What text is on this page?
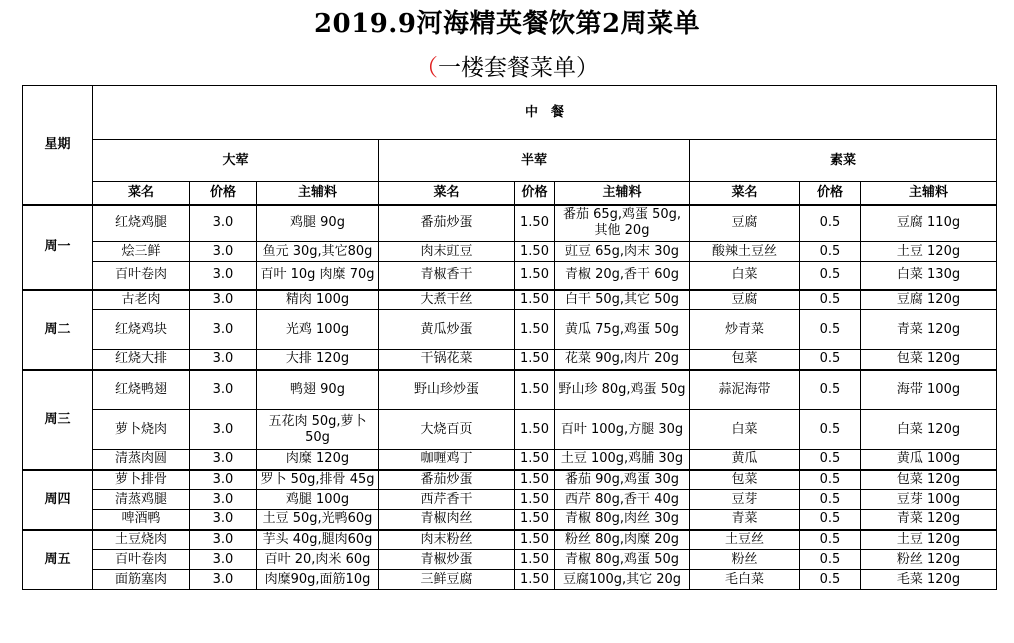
2019.9河海精英餐饮第2周菜单
（一楼套餐菜单）
星期	中　餐								
	大荤			半荤			素菜		
	菜名	价格	主辅料	菜名	价格	主辅料	菜名	价格	主辅料
周一	红烧鸡腿	3.0	鸡腿 90g	番茄炒蛋	1.50	番茄 65g,鸡蛋 50g,其他 20g	豆腐	0.5	豆腐 110g
	烩三鲜	3.0	鱼元 30g,其它80g	肉末豇豆	1.50	豇豆 65g,肉末 30g	酸辣土豆丝	0.5	土豆 120g
	百叶卷肉	3.0	百叶 10g 肉糜 70g	青椒香干	1.50	青椒 20g,香干 60g	白菜	0.5	白菜 130g
周二	古老肉	3.0	精肉 100g	大煮干丝	1.50	白干 50g,其它 50g	豆腐	0.5	豆腐 120g
	红烧鸡块	3.0	光鸡 100g	黄瓜炒蛋	1.50	黄瓜 75g,鸡蛋 50g	炒青菜	0.5	青菜 120g
	红烧大排	3.0	大排 120g	干锅花菜	1.50	花菜 90g,肉片 20g	包菜	0.5	包菜 120g
周三	红烧鸭翅	3.0	鸭翅 90g	野山珍炒蛋	1.50	野山珍 80g,鸡蛋 50g	蒜泥海带	0.5	海带 100g
	萝卜烧肉	3.0	五花肉 50g,萝卜 50g	大烧百页	1.50	百叶 100g,方腿 30g	白菜	0.5	白菜 120g
	清蒸肉圆	3.0	肉糜 120g	咖喱鸡丁	1.50	土豆 100g,鸡脯 30g	黄瓜	0.5	黄瓜 100g
周四	萝卜排骨	3.0	罗卜 50g,排骨 45g	番茄炒蛋	1.50	番茄 90g,鸡蛋 30g	包菜	0.5	包菜 120g
	清蒸鸡腿	3.0	鸡腿 100g	西芹香干	1.50	西芹 80g,香干 40g	豆芽	0.5	豆芽 100g
	啤酒鸭	3.0	土豆 50g,光鸭60g	青椒肉丝	1.50	青椒 80g,肉丝 30g	青菜	0.5	青菜 120g
周五	土豆烧肉	3.0	芋头 40g,腿肉60g	肉末粉丝	1.50	粉丝 80g,肉糜 20g	土豆丝	0.5	土豆 120g
	百叶卷肉	3.0	百叶 20,肉米 60g	青椒炒蛋	1.50	青椒 80g,鸡蛋 50g	粉丝	0.5	粉丝 120g
	面筋塞肉	3.0	肉糜90g,面筋10g	三鲜豆腐	1.50	豆腐100g,其它 20g	毛白菜	0.5	毛菜 120g
